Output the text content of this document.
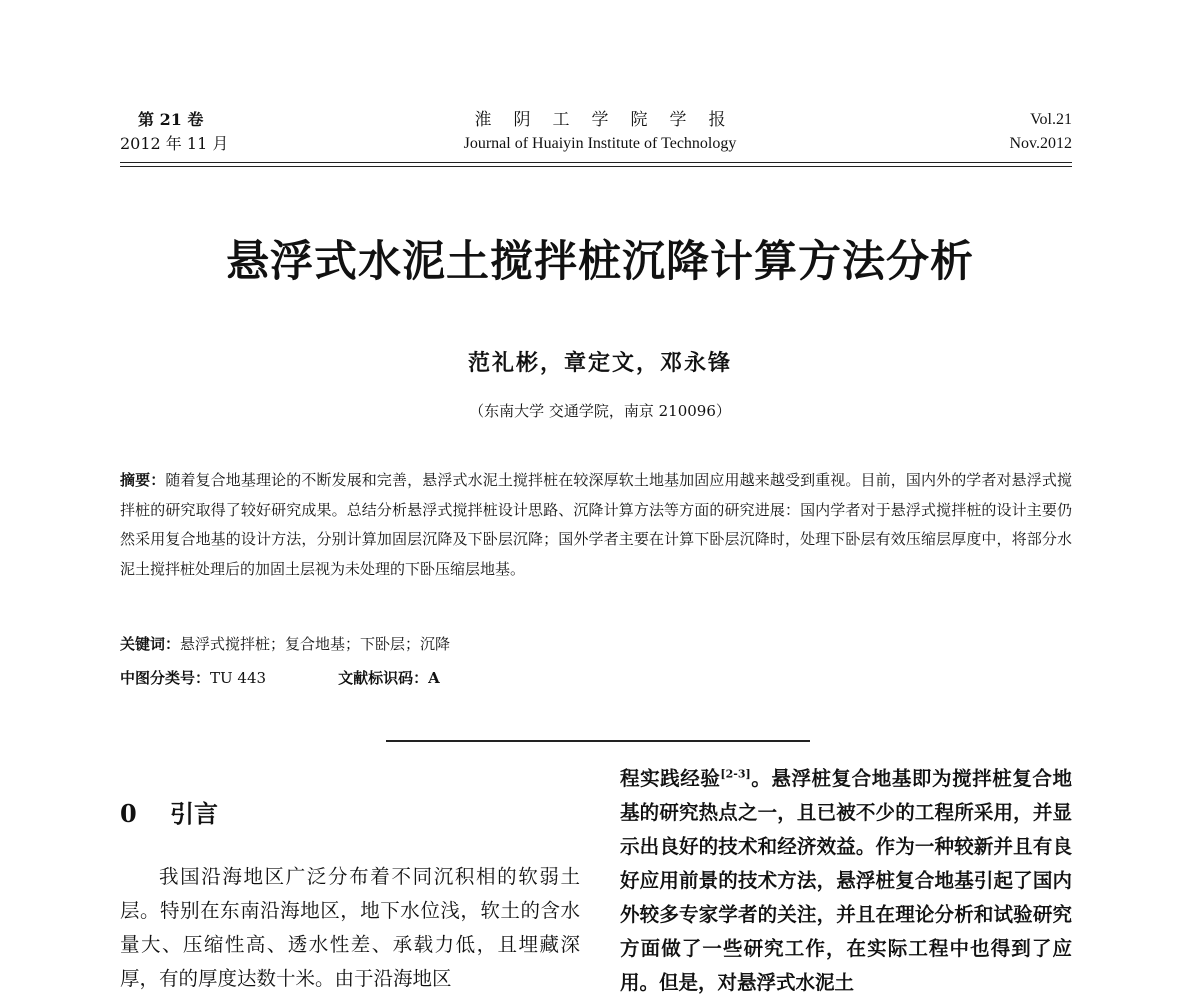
第 21 卷
2012 年 11 月
淮阴工学院学报
Journal of Huaiyin Institute of Technology
Vol.21
Nov.2012
悬浮式水泥土搅拌桩沉降计算方法分析
范礼彬，章定文，邓永锋
（东南大学 交通学院，南京 210096）
摘要：随着复合地基理论的不断发展和完善，悬浮式水泥土搅拌桩在较深厚软土地基加固应用越来越受到重视。目前，国内外的学者对悬浮式搅拌桩的研究取得了较好研究成果。总结分析悬浮式搅拌桩设计思路、沉降计算方法等方面的研究进展：国内学者对于悬浮式搅拌桩的设计主要仍然采用复合地基的设计方法，分别计算加固层沉降及下卧层沉降；国外学者主要在计算下卧层沉降时，处理下卧层有效压缩层厚度中，将部分水泥土搅拌桩处理后的加固土层视为未处理的下卧压缩层地基。
关键词：悬浮式搅拌桩；复合地基；下卧层；沉降
中图分类号：TU 443	文献标识码：A
0 引言
我国沿海地区广泛分布着不同沉积相的软弱土层。特别在东南沿海地区，地下水位浅，软土的含水量大、压缩性高、透水性差、承载力低，且埋藏深厚，有的厚度达数十米。由于沿海地区
程实践经验[2-3]。悬浮桩复合地基即为搅拌桩复合地基的研究热点之一，且已被不少的工程所采用，并显示出良好的技术和经济效益。作为一种较新并且有良好应用前景的技术方法，悬浮桩复合地基引起了国内外较多专家学者的关注，并且在理论分析和试验研究方面做了一些研究工作，在实际工程中也得到了应用。但是，对悬浮式水泥土
